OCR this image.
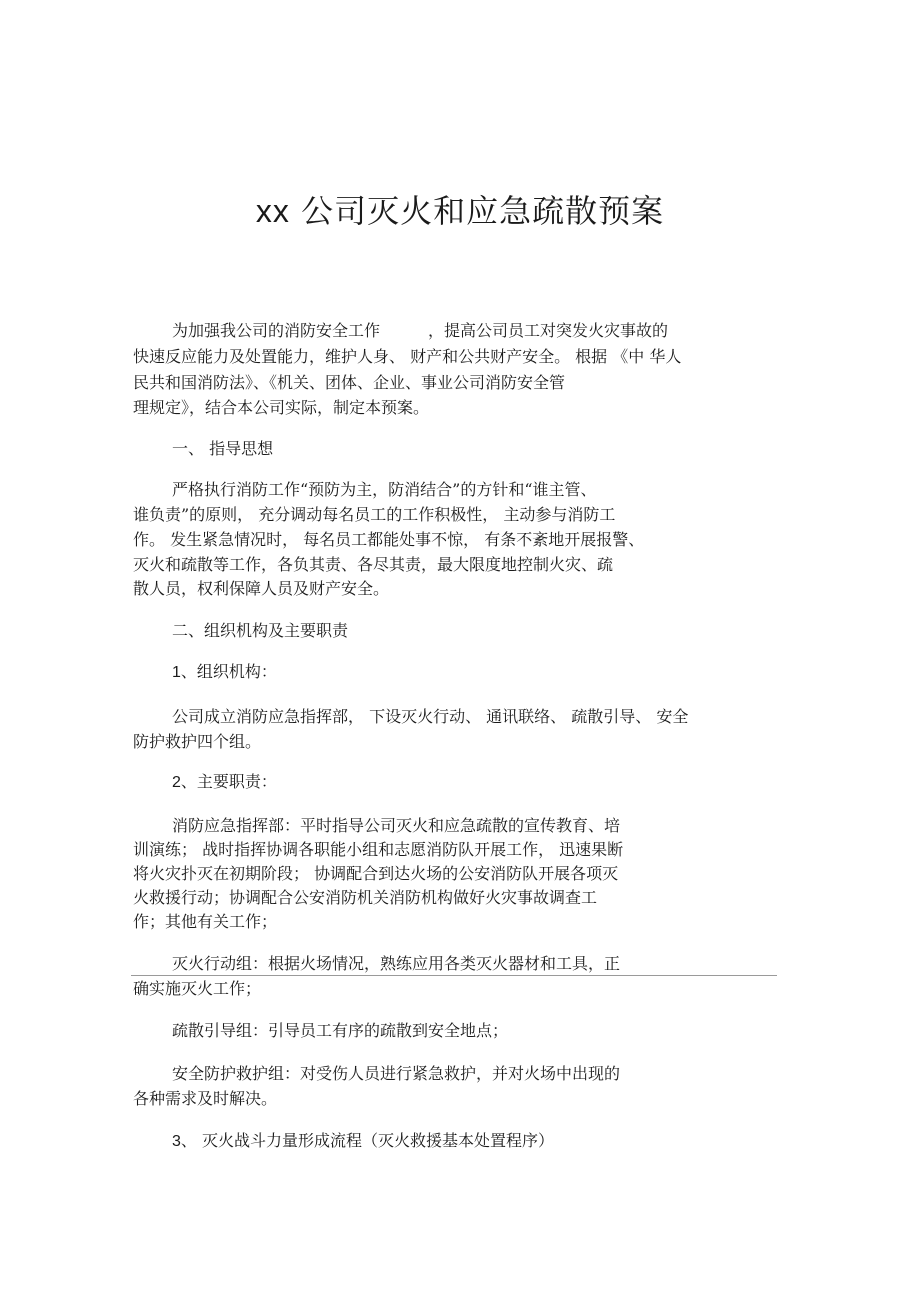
xx 公司灭火和应急疏散预案
为加强我公司的消防安全工作　　　，提高公司员工对突发火灾事故的
快速反应能力及处置能力，维护人身、 财产和公共财产安全。 根据 《中 华人
民共和国消防法》、《机关、团体、企业、事业公司消防安全管
理规定》，结合本公司实际，制定本预案。
一、 指导思想
严格执行消防工作“预防为主，防消结合”的方针和“谁主管、
谁负责”的原则， 充分调动每名员工的工作积极性， 主动参与消防工
作。 发生紧急情况时， 每名员工都能处事不惊， 有条不紊地开展报警、
灭火和疏散等工作，各负其责、各尽其责，最大限度地控制火灾、疏
散人员，权利保障人员及财产安全。
二、组织机构及主要职责
1、组织机构：
公司成立消防应急指挥部， 下设灭火行动、 通讯联络、 疏散引导、 安全
防护救护四个组。
2、主要职责：
消防应急指挥部：平时指导公司灭火和应急疏散的宣传教育、培
训演练； 战时指挥协调各职能小组和志愿消防队开展工作， 迅速果断
将火灾扑灭在初期阶段； 协调配合到达火场的公安消防队开展各项灭
火救援行动；协调配合公安消防机关消防机构做好火灾事故调查工
作；其他有关工作；
灭火行动组：根据火场情况，熟练应用各类灭火器材和工具，正
确实施灭火工作；
疏散引导组：引导员工有序的疏散到安全地点；
安全防护救护组：对受伤人员进行紧急救护，并对火场中出现的
各种需求及时解决。
3、 灭火战斗力量形成流程（灭火救援基本处置程序）
